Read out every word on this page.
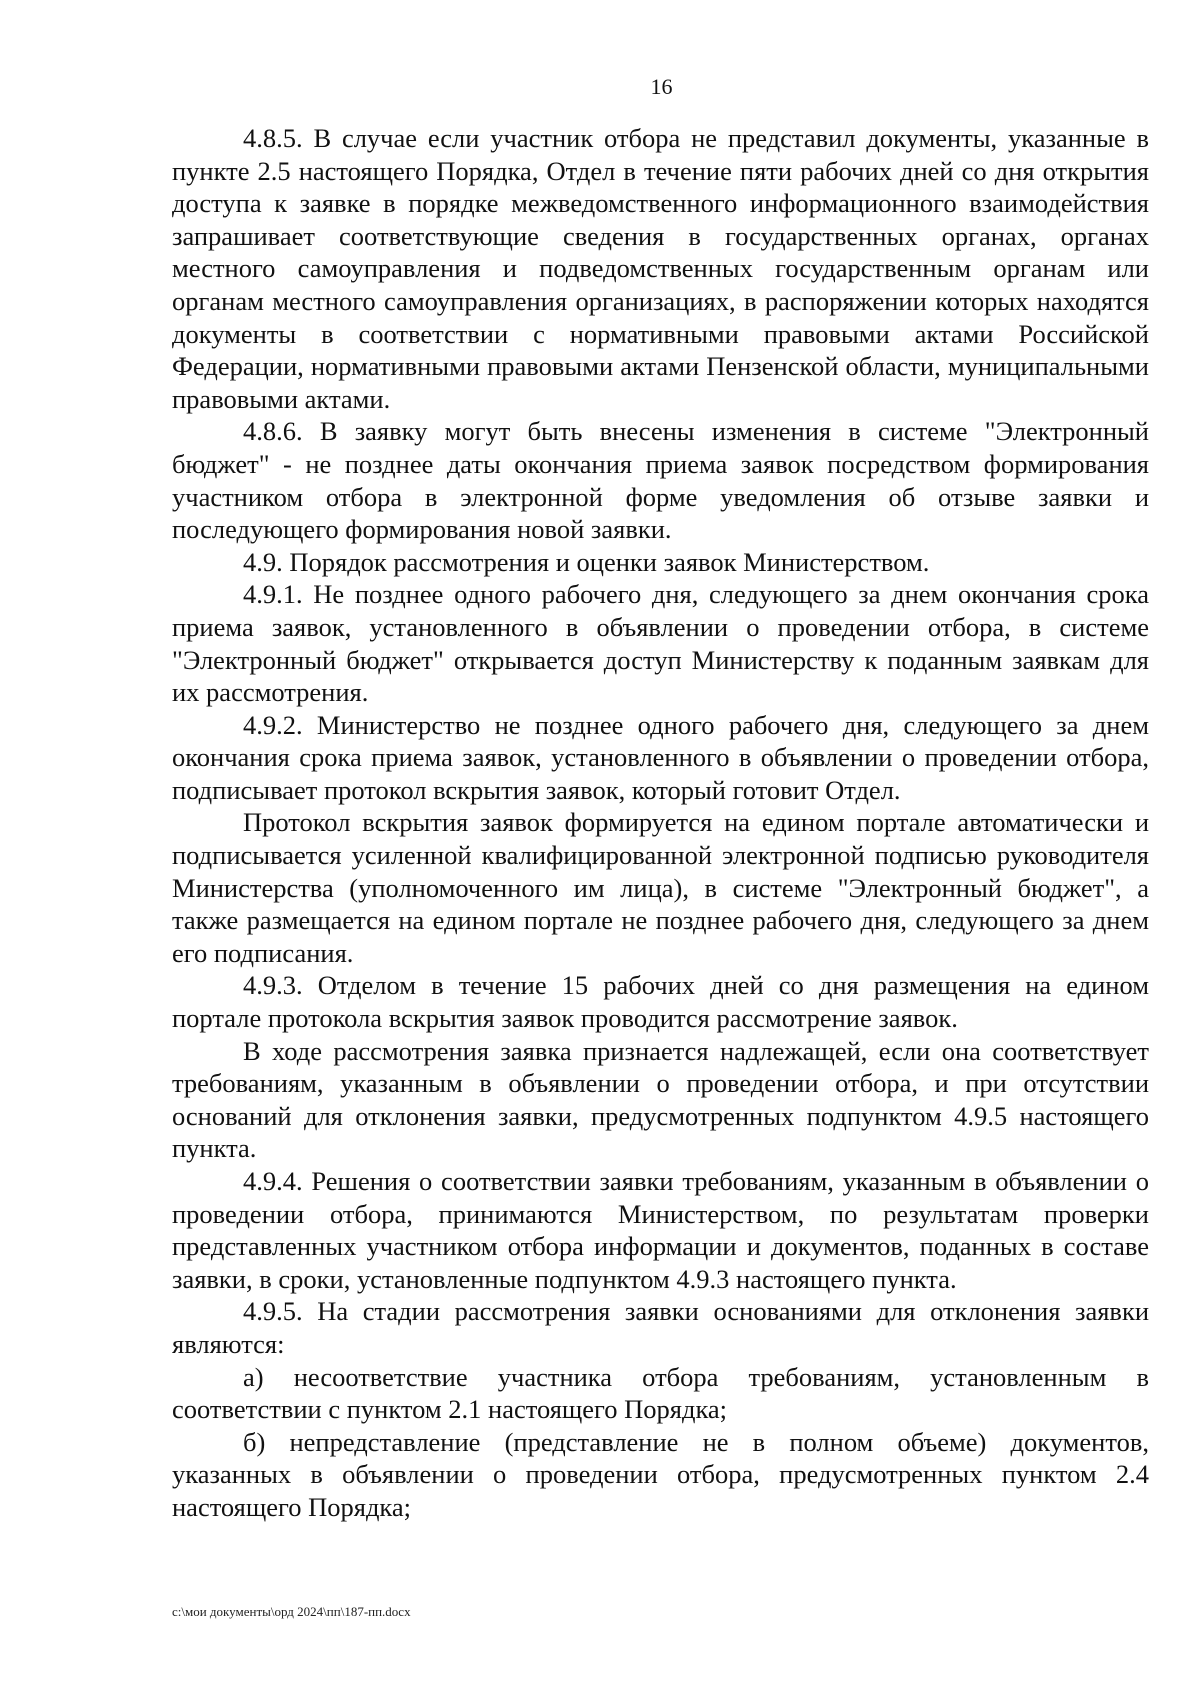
16

4.8.5. В случае если участник отбора не представил документы, указанные в пункте 2.5 настоящего Порядка, Отдел в течение пяти рабочих дней со дня открытия доступа к заявке в порядке межведомственного информационного взаимодействия запрашивает соответствующие сведения в государственных органах, органах местного самоуправления и подведомственных государственным органам или органам местного самоуправления организациях, в распоряжении которых находятся документы в соответствии с нормативными правовыми актами Российской Федерации, нормативными правовыми актами Пензенской области, муниципальными правовыми актами.

4.8.6. В заявку могут быть внесены изменения в системе "Электронный бюджет" - не позднее даты окончания приема заявок посредством формирования участником отбора в электронной форме уведомления об отзыве заявки и последующего формирования новой заявки.

4.9. Порядок рассмотрения и оценки заявок Министерством.

4.9.1. Не позднее одного рабочего дня, следующего за днем окончания срока приема заявок, установленного в объявлении о проведении отбора, в системе "Электронный бюджет" открывается доступ Министерству к поданным заявкам для их рассмотрения.

4.9.2. Министерство не позднее одного рабочего дня, следующего за днем окончания срока приема заявок, установленного в объявлении о проведении отбора, подписывает протокол вскрытия заявок, который готовит Отдел.

Протокол вскрытия заявок формируется на едином портале автоматически и подписывается усиленной квалифицированной электронной подписью руководителя Министерства (уполномоченного им лица), в системе "Электронный бюджет", а также размещается на едином портале не позднее рабочего дня, следующего за днем его подписания.

4.9.3. Отделом в течение 15 рабочих дней со дня размещения на едином портале протокола вскрытия заявок проводится рассмотрение заявок.

В ходе рассмотрения заявка признается надлежащей, если она соответствует требованиям, указанным в объявлении о проведении отбора, и при отсутствии оснований для отклонения заявки, предусмотренных подпунктом 4.9.5 настоящего пункта.

4.9.4. Решения о соответствии заявки требованиям, указанным в объявлении о проведении отбора, принимаются Министерством, по результатам проверки представленных участником отбора информации и документов, поданных в составе заявки, в сроки, установленные подпунктом 4.9.3 настоящего пункта.

4.9.5. На стадии рассмотрения заявки основаниями для отклонения заявки являются:

а) несоответствие участника отбора требованиям, установленным в соответствии с пунктом 2.1 настоящего Порядка;

б) непредставление (представление не в полном объеме) документов, указанных в объявлении о проведении отбора, предусмотренных пунктом 2.4 настоящего Порядка;

c:\мои документы\орд 2024\пп\187-пп.docx
